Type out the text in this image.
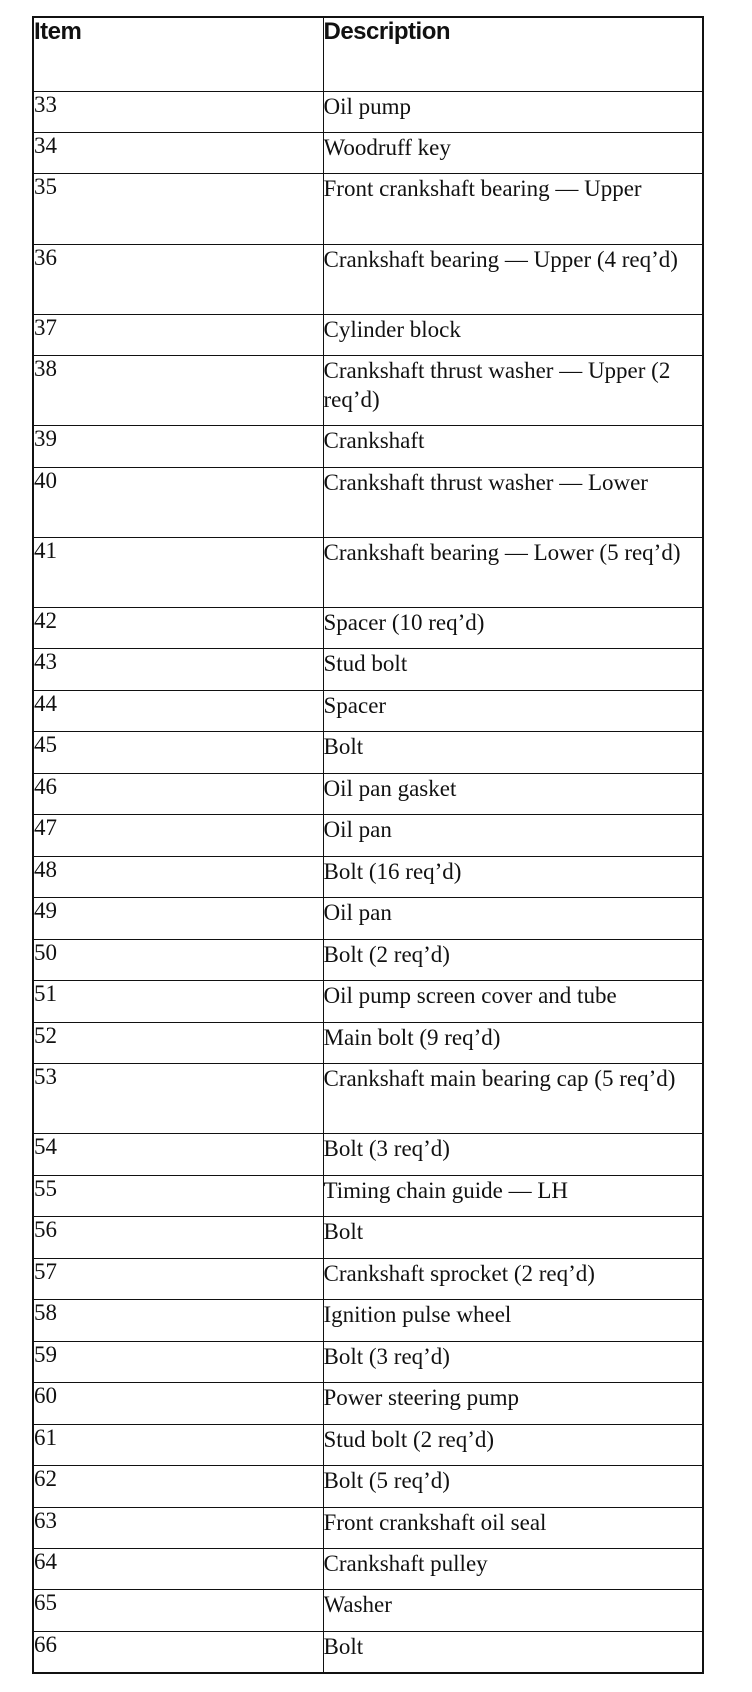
Item	Description
33	Oil pump
34	Woodruff key
35	Front crankshaft bearing — Upper
36	Crankshaft bearing — Upper (4 req’d)
37	Cylinder block
38	Crankshaft thrust washer — Upper (2 req’d)
39	Crankshaft
40	Crankshaft thrust washer — Lower
41	Crankshaft bearing — Lower (5 req’d)
42	Spacer (10 req’d)
43	Stud bolt
44	Spacer
45	Bolt
46	Oil pan gasket
47	Oil pan
48	Bolt (16 req’d)
49	Oil pan
50	Bolt (2 req’d)
51	Oil pump screen cover and tube
52	Main bolt (9 req’d)
53	Crankshaft main bearing cap (5 req’d)
54	Bolt (3 req’d)
55	Timing chain guide — LH
56	Bolt
57	Crankshaft sprocket (2 req’d)
58	Ignition pulse wheel
59	Bolt (3 req’d)
60	Power steering pump
61	Stud bolt (2 req’d)
62	Bolt (5 req’d)
63	Front crankshaft oil seal
64	Crankshaft pulley
65	Washer
66	Bolt
